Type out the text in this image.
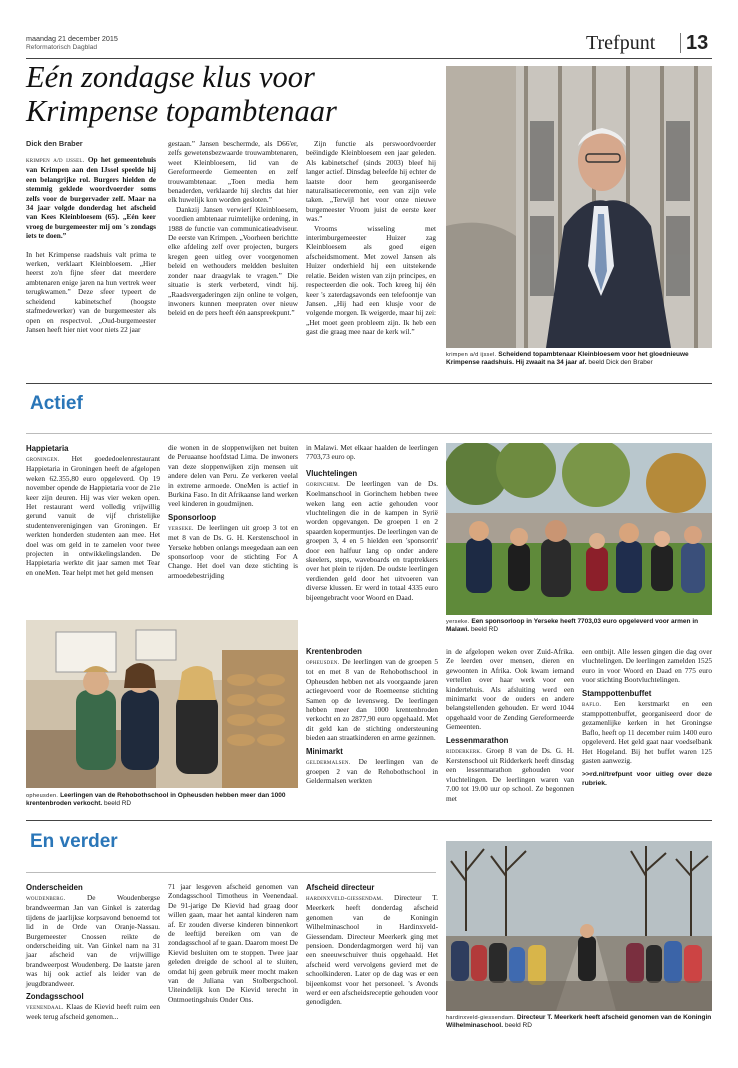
maandag 21 december 2015
Reformatorisch Dagblad	Trefpunt 13
Eén zondagse klus voor
Krimpense topambtenaar
Dick den Braber

krimpen a/d ijssel. Op het gemeentehuis van Krimpen aan den IJssel speelde hij een belangrijke rol. Burgers hielden de stemmig geklede woordvoerder soms zelfs voor de burgervader zelf. Maar na 34 jaar volgde donderdag het afscheid van Kees Kleinbloesem (65). „Eén keer vroeg de burgemeester mij om 's zondags iets te doen.”

In het Krimpense raadshuis valt prima te werken, verklaart Kleinbloesem. „Hier heerst zo'n fijne sfeer dat meerdere ambtenaren enige jaren na hun vertrek weer terugkwamen.” Deze sfeer typeert de scheidend kabinetschef (hoogste stafmedewerker) van de burgemeester als open en respectvol. „Oud-burgemeester Jansen heeft hier niet voor niets 22 jaar

gestaan.” Jansen beschermde, als D66'er, zelfs gewetensbezwaarde trouwambtenaren, weet Kleinbloesem, lid van de Gereformeerde Gemeenten en zelf trouwambtenaar. „Toen media hem benaderden, verklaarde hij slechts dat hier elk huwelijk kon worden gesloten.”

Dankzij Jansen verwierf Kleinbloesem, voordien ambtenaar ruimtelijke ordening, in 1988 de functie van communicatieadviseur. De eerste van Krimpen. „Voorheen berichtte elke afdeling zelf over projecten, burgers kregen geen uitleg over voorgenomen beleid en wethouders meldden besluiten zonder naar draagvlak te vragen.” Die situatie is sterk verbeterd, vindt hij. „Raadsvergaderingen zijn online te volgen, inwoners kunnen meepraten over nieuw beleid en de pers heeft één aanspreekpunt.”

Zijn functie als perswoordvoerder beëindigde Kleinbloesem een jaar geleden. Als kabinetschef (sinds 2003) bleef hij langer actief. Dinsdag beleefde hij echter de laatste door hem georganiseerde naturalisatieceremonie, een van zijn vele taken. „Terwijl het voor onze nieuwe burgemeester Vroom juist de eerste keer was.”

Vrooms wisseling met interimburgemeester Huizer zag Kleinbloesem als goed eigen afscheidsmoment. Met zowel Jansen als Huizer onderhield hij een uitstekende relatie. Beiden wisten van zijn principes, en respecteerden die ook. Toch kreeg hij één keer 's zaterdagsavonds een telefoontje van Jansen. „Hij had een klusje voor de volgende morgen. Ik weigerde, maar hij zei: „Het moet geen probleem zijn. Ik heb een gast die graag mee naar de kerk wil.”

krimpen a/d ijssel. Scheidend topambtenaar Kleinbloesem voor het gloednieuwe Krimpense raadshuis. Hij zwaait na 34 jaar af. beeld Dick den Braber
Actief
Happietaria

groningen. Het goededoelenrestaurant Happietaria in Groningen heeft de afgelopen weken 62.355,80 euro opgeleverd. Op 19 november opende de Happietaria voor de 21e keer zijn deuren. Hij was vier weken open. Het restaurant werd volledig vrijwillig gerund vanuit de vijf christelijke studentenverenigingen van Groningen. Er werkten honderden studenten aan mee. Het doel was om geld in te zamelen voor twee projecten in ontwikkelingslanden. De Happietaria werkte dit jaar samen met Tear en oneMen. Tear helpt met het geld mensen

die wonen in de sloppenwijken net buiten de Peruaanse hoofdstad Lima. De inwoners van deze sloppenwijken zijn mensen uit andere delen van Peru. Ze verkeren veelal in extreme armoede. OneMen is actief in Burkina Faso. In dit Afrikaanse land werken veel kinderen in goudmijnen.

Sponsorloop

yerseke. De leerlingen uit groep 3 tot en met 8 van de Ds. G. H. Kerstenschool in Yerseke hebben onlangs meegedaan aan een sponsorloop voor de stichting For A Change. Het doel van deze stichting is armoedebestrijding

in Malawi. Met elkaar haalden de leerlingen 7703,73 euro op.

Vluchtelingen

gorinchem. De leerlingen van de Ds. Koelmanschool in Gorinchem hebben twee weken lang een actie gehouden voor vluchtelingen die in de kampen in Syrië worden opgevangen. De groepen 1 en 2 spaarden kopermuntjes. De leerlingen van de groepen 3, 4 en 5 hielden een 'sponsorrit' door een halfuur lang op onder andere skeelers, steps, waveboards en traptrekkers over het plein te rijden. De oudste leerlingen verdienden geld door het uitvoeren van diverse klussen. Er werd in totaal 4335 euro bijeengebracht voor Woord en Daad.

yerseke. Een sponsorloop in Yerseke heeft 7703,03 euro opgeleverd voor armen in Malawi. beeld RD
opheusden. Leerlingen van de Rehobothschool in Opheusden hebben meer dan 1000 krentenbroden verkocht. beeld RD
Krentenbroden

opheusden. De leerlingen van de groepen 5 tot en met 8 van de Rehobothschool in Opheusden hebben net als voorgaande jaren actiegevoerd voor de Roemeense stichting Samen op de levensweg. De leerlingen hebben meer dan 1000 krentenbroden verkocht en zo 2877,90 euro opgehaald. Met dit geld kan de stichting ondersteuning bieden aan straatkinderen en arme gezinnen.

Minimarkt

geldermalsen. De leerlingen van de groepen 2 van de Rehobothschool in Geldermalsen werkten

in de afgelopen weken over Zuid-Afrika. Ze leerden over mensen, dieren en gewoonten in Afrika. Ook kwam iemand vertellen over haar werk voor een kindertehuis. Als afsluiting werd een minimarkt voor de ouders en andere belangstellenden gehouden. Er werd 1044 opgehaald voor de Zending Gereformeerde Gemeenten.

Lessenmarathon

ridderkerk. Groep 8 van de Ds. G. H. Kerstenschool uit Ridderkerk heeft dinsdag een lessenmarathon gehouden voor vluchtelingen. De leerlingen waren van 7.00 tot 19.00 uur op school. Ze begonnen met

een ontbijt. Alle lessen gingen die dag over vluchtelingen. De leerlingen zamelden 1525 euro in voor Woord en Daad en 775 euro voor stichting Bootvluchtelingen.

Stamppottenbuffet

baflo. Een kerstmarkt en een stamppottenbuffet, georganiseerd door de gezamenlijke kerken in het Groningse Baflo, heeft op 11 december ruim 1400 euro opgeleverd. Het geld gaat naar voedselbank Het Hogeland. Bij het buffet waren 125 gasten aanwezig.

>>rd.nl/trefpunt voor uitleg over deze rubriek.
En verder
Onderscheiden

woudenberg.	De Woudenbergse brandweerman Jan van Ginkel is zaterdag tijdens de jaarlijkse korpsavond benoemd tot lid in de Orde van Oranje-Nassau. Burgemeester Cnossen reikte de onderscheiding uit. Van Ginkel nam na 31 jaar afscheid van de vrijwillige brandweerpost Woudenberg. De laatste jaren was hij ook actief als leider van de jeugdbrandweer.

Zondagsschool

veenendaal. Klaas de Kievid heeft ruim een week terug afscheid genomen...

71 jaar lesgeven afscheid genomen van Zondagsschool Timotheus in Veenendaal. De 91-jarige De Kievid had graag door willen gaan, maar het aantal kinderen nam af. Er zouden diverse kinderen binnenkort de leeftijd bereiken om van de zondagsschool af te gaan. Daarom moest De Kievid besluiten om te stoppen. Twee jaar geleden dreigde de school al te sluiten, omdat hij geen gebruik meer mocht maken van de Juliana van Stolbergschool. Uiteindelijk kon De Kievid terecht in Ontmoetingshuis Onder Ons.

Afscheid directeur

hardinxveld-giessendam. Directeur T. Meerkerk heeft donderdag afscheid genomen van de Koningin Wilhelminaschool in Hardinxveld-Giessendam. Directeur Meerkerk ging met pensioen. Donderdagmorgen werd hij van een sneeuwschuiver thuis opgehaald. Het afscheid werd vervolgens gevierd met de schoolkinderen. Later op de dag was er een bijeenkomst voor het personeel. 's Avonds werd er een afscheidsreceptie gehouden voor genodigden.

hardinxveld-giessendam. Directeur T. Meerkerk heeft afscheid genomen van de Koningin Wilhelminaschool. beeld RD
